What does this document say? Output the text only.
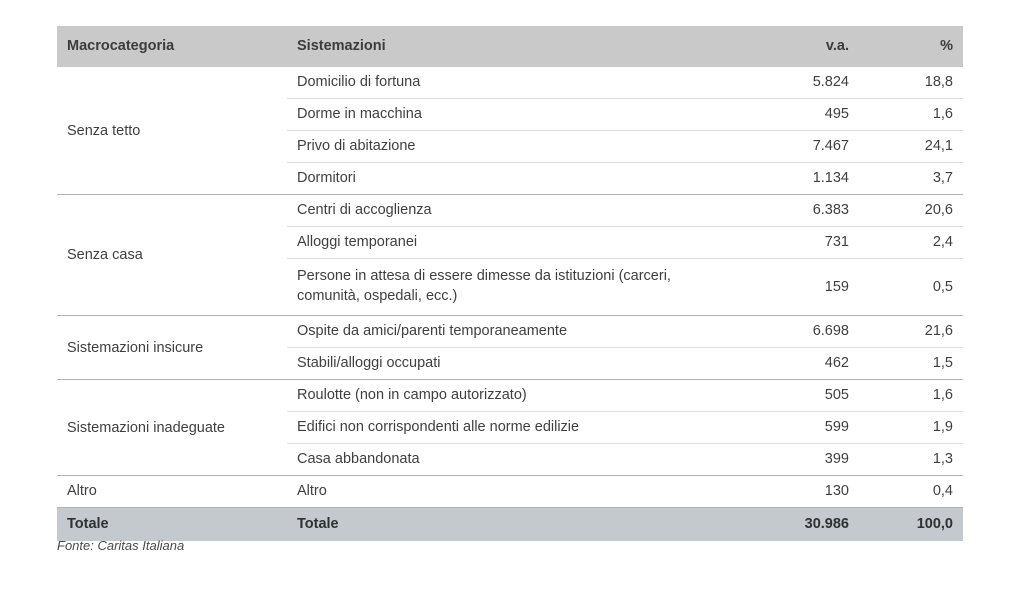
Macrocategoria	Sistemazioni	v.a.	%
Senza tetto	Domicilio di fortuna	5.824	18,8
	Dorme in macchina	495	1,6
	Privo di abitazione	7.467	24,1
	Dormitori	1.134	3,7
Senza casa	Centri di accoglienza	6.383	20,6
	Alloggi temporanei	731	2,4
	Persone in attesa di essere dimesse da istituzioni (carceri, comunità, ospedali, ecc.)	159	0,5
Sistemazioni insicure	Ospite da amici/parenti temporaneamente	6.698	21,6
	Stabili/alloggi occupati	462	1,5
Sistemazioni inadeguate	Roulotte (non in campo autorizzato)	505	1,6
	Edifici non corrispondenti alle norme edilizie	599	1,9
	Casa abbandonata	399	1,3
Altro	Altro	130	0,4
Totale	Totale	30.986	100,0
Fonte: Caritas Italiana
